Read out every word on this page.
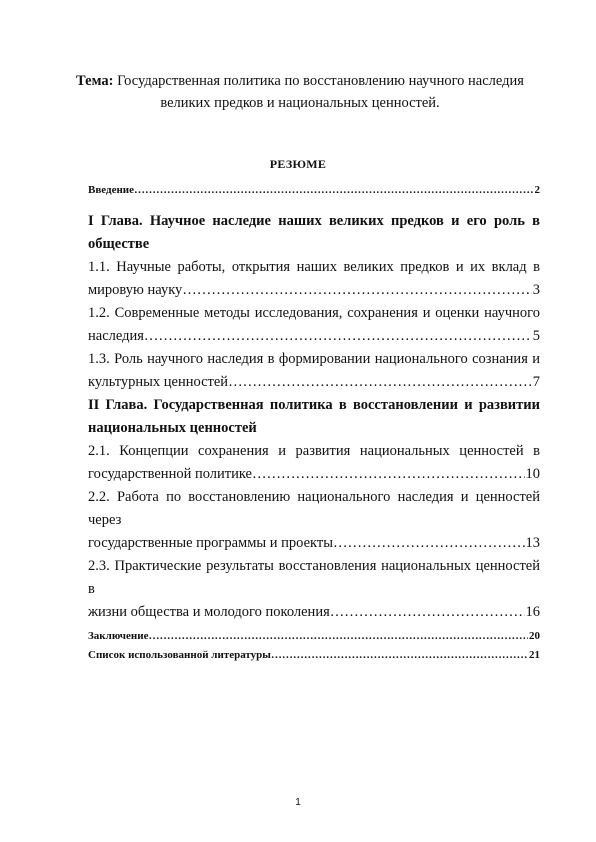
Тема: Государственная политика по восстановлению научного наследия
великих предков и национальных ценностей.
РЕЗЮМЕ
Введение …………………………………………………………………………………………………………………………………………………………………………………………………	2
I Глава. Научное наследие наших великих предков и его роль в
обществе
1.1. Научные работы, открытия наших великих предков и их вклад в
мировую науку …………………………………………………………………………………………………………………………………………………………………………………………………	3
1.2. Современные методы исследования, сохранения и оценки научного
наследия …………………………………………………………………………………………………………………………………………………………………………………………………	5
1.3. Роль научного наследия в формировании национального сознания и
культурных ценностей …………………………………………………………………………………………………………………………………………………………………………………………………	7
II Глава. Государственная политика в восстановлении и развитии
национальных ценностей
2.1. Концепции сохранения и развития национальных ценностей в
государственной политике …………………………………………………………………………………………………………………………………………………………………………………………………	10
2.2. Работа по восстановлению национального наследия и ценностей через
государственные программы и проекты …………………………………………………………………………………………………………………………………………………………………………………………………	13
2.3. Практические результаты восстановления национальных ценностей в
жизни общества и молодого поколения …………………………………………………………………………………………………………………………………………………………………………………………………	16
Заключение …………………………………………………………………………………………………………………………………………………………………………………………………	20
Список использованной литературы …………………………………………………………………………………………………………………………………………………………………………………………………	21
1
